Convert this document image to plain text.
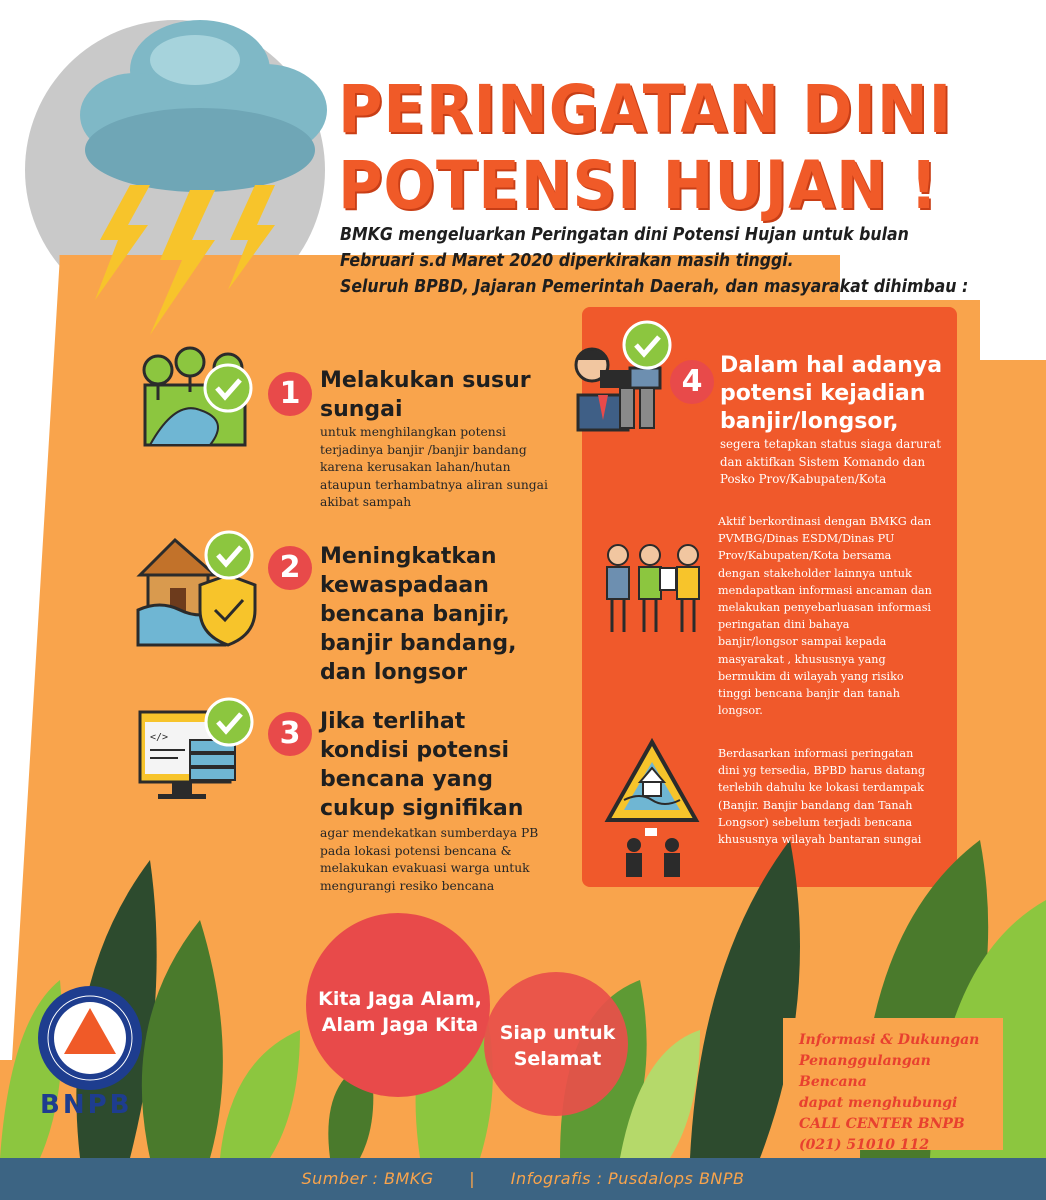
</>
PERINGATAN DINI
POTENSI HUJAN !
BMKG mengeluarkan Peringatan dini Potensi Hujan untuk bulan
Februari s.d Maret 2020 diperkirakan masih tinggi.
Seluruh BPBD, Jajaran Pemerintah Daerah, dan masyarakat dihimbau :
1 Melakukan susur
sungai
untuk menghilangkan potensi
terjadinya banjir /banjir bandang
karena kerusakan lahan/hutan
ataupun terhambatnya aliran sungai
akibat sampah
2 Meningkatkan
kewaspadaan
bencana banjir,
banjir bandang,
dan longsor
3 Jika terlihat
kondisi potensi
bencana yang
cukup signifikan
agar mendekatkan sumberdaya PB
pada lokasi potensi bencana &
melakukan evakuasi warga untuk
mengurangi resiko bencana
4 Dalam hal adanya
potensi kejadian
banjir/longsor,
segera tetapkan status siaga darurat
dan aktifkan Sistem Komando dan
Posko Prov/Kabupaten/Kota
Aktif berkordinasi dengan BMKG dan
PVMBG/Dinas ESDM/Dinas PU
Prov/Kabupaten/Kota bersama
dengan stakeholder lainnya untuk
mendapatkan informasi ancaman dan
melakukan penyebarluasan informasi
peringatan dini bahaya
banjir/longsor sampai kepada
masyarakat , khususnya yang
bermukim di wilayah yang risiko
tinggi bencana banjir dan tanah
longsor.
Berdasarkan informasi peringatan
dini yg tersedia, BPBD harus datang
terlebih dahulu ke lokasi terdampak
(Banjir. Banjir bandang dan Tanah
Longsor) sebelum terjadi bencana
khususnya wilayah bantaran sungai
Kita Jaga Alam,
Alam Jaga Kita	Siap untuk
Selamat
Informasi & Dukungan
Penanggulangan Bencana
dapat menghubungi
CALL CENTER BNPB
(021) 51010 112
BNPB
Sumber : BMKG | Infografis : Pusdalops BNPB
